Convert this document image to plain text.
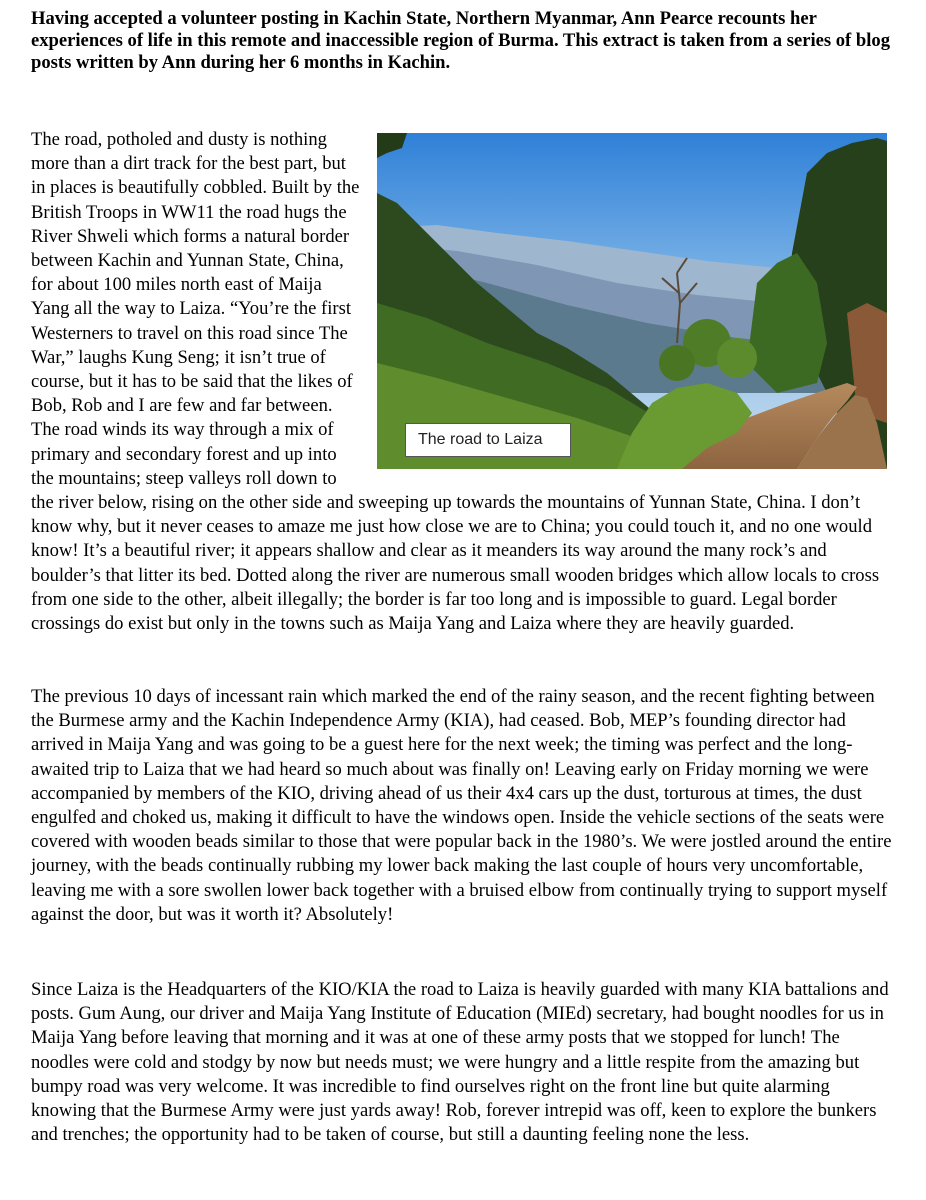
Having accepted a volunteer posting in Kachin State, Northern Myanmar, Ann Pearce recounts her experiences of life in this remote and inaccessible region of Burma. This extract is taken from a series of blog posts written by Ann during her 6 months in Kachin.
The road to Laiza
The road, potholed and dusty is nothing more than a dirt track for the best part, but in places is beautifully cobbled. Built by the British Troops in WW11 the road hugs the River Shweli which forms a natural border between Kachin and Yunnan State, China, for about 100 miles north east of Maija Yang all the way to Laiza. “You’re the first Westerners to travel on this road since The War,” laughs Kung Seng; it isn’t true of course, but it has to be said that the likes of Bob, Rob and I are few and far between. The road winds its way through a mix of primary and secondary forest and up into the mountains; steep valleys roll down to the river below, rising on the other side and sweeping up towards the mountains of Yunnan State, China. I don’t know why, but it never ceases to amaze me just how close we are to China; you could touch it, and no one would know! It’s a beautiful river; it appears shallow and clear as it meanders its way around the many rock’s and boulder’s that litter its bed. Dotted along the river are numerous small wooden bridges which allow locals to cross from one side to the other, albeit illegally; the border is far too long and is impossible to guard. Legal border crossings do exist but only in the towns such as Maija Yang and Laiza where they are heavily guarded.
The previous 10 days of incessant rain which marked the end of the rainy season, and the recent fighting between the Burmese army and the Kachin Independence Army (KIA), had ceased. Bob, MEP’s founding director had arrived in Maija Yang and was going to be a guest here for the next week; the timing was perfect and the long-awaited trip to Laiza that we had heard so much about was finally on! Leaving early on Friday morning we were accompanied by members of the KIO, driving ahead of us their 4x4 cars up the dust, torturous at times, the dust engulfed and choked us, making it difficult to have the windows open. Inside the vehicle sections of the seats were covered with wooden beads similar to those that were popular back in the 1980’s. We were jostled around the entire journey, with the beads continually rubbing my lower back making the last couple of hours very uncomfortable, leaving me with a sore swollen lower back together with a bruised elbow from continually trying to support myself against the door, but was it worth it? Absolutely!
Since Laiza is the Headquarters of the KIO/KIA the road to Laiza is heavily guarded with many KIA battalions and posts. Gum Aung, our driver and Maija Yang Institute of Education (MIEd) secretary, had bought noodles for us in Maija Yang before leaving that morning and it was at one of these army posts that we stopped for lunch! The noodles were cold and stodgy by now but needs must; we were hungry and a little respite from the amazing but bumpy road was very welcome. It was incredible to find ourselves right on the front line but quite alarming knowing that the Burmese Army were just yards away! Rob, forever intrepid was off, keen to explore the bunkers and trenches; the opportunity had to be taken of course, but still a daunting feeling none the less.
